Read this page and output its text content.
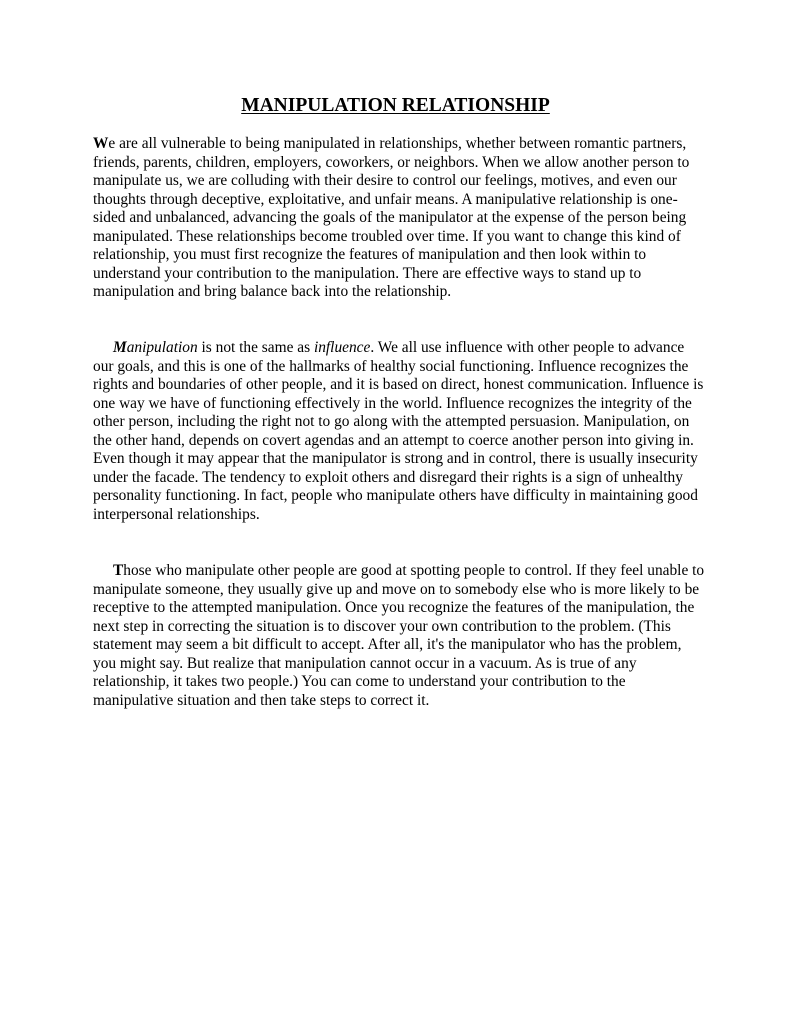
MANIPULATION RELATIONSHIP

We are all vulnerable to being manipulated in relationships, whether between romantic partners, friends, parents, children, employers, coworkers, or neighbors. When we allow another person to manipulate us, we are colluding with their desire to control our feelings, motives, and even our thoughts through deceptive, exploitative, and unfair means. A manipulative relationship is one-sided and unbalanced, advancing the goals of the manipulator at the expense of the person being manipulated. These relationships become troubled over time. If you want to change this kind of relationship, you must first recognize the features of manipulation and then look within to understand your contribution to the manipulation. There are effective ways to stand up to manipulation and bring balance back into the relationship.

Manipulation is not the same as influence. We all use influence with other people to advance our goals, and this is one of the hallmarks of healthy social functioning. Influence recognizes the rights and boundaries of other people, and it is based on direct, honest communication. Influence is one way we have of functioning effectively in the world. Influence recognizes the integrity of the other person, including the right not to go along with the attempted persuasion. Manipulation, on the other hand, depends on covert agendas and an attempt to coerce another person into giving in. Even though it may appear that the manipulator is strong and in control, there is usually insecurity under the facade. The tendency to exploit others and disregard their rights is a sign of unhealthy personality functioning. In fact, people who manipulate others have difficulty in maintaining good interpersonal relationships.

Those who manipulate other people are good at spotting people to control. If they feel unable to manipulate someone, they usually give up and move on to somebody else who is more likely to be receptive to the attempted manipulation. Once you recognize the features of the manipulation, the next step in correcting the situation is to discover your own contribution to the problem. (This statement may seem a bit difficult to accept. After all, it's the manipulator who has the problem, you might say. But realize that manipulation cannot occur in a vacuum. As is true of any relationship, it takes two people.) You can come to understand your contribution to the manipulative situation and then take steps to correct it.
